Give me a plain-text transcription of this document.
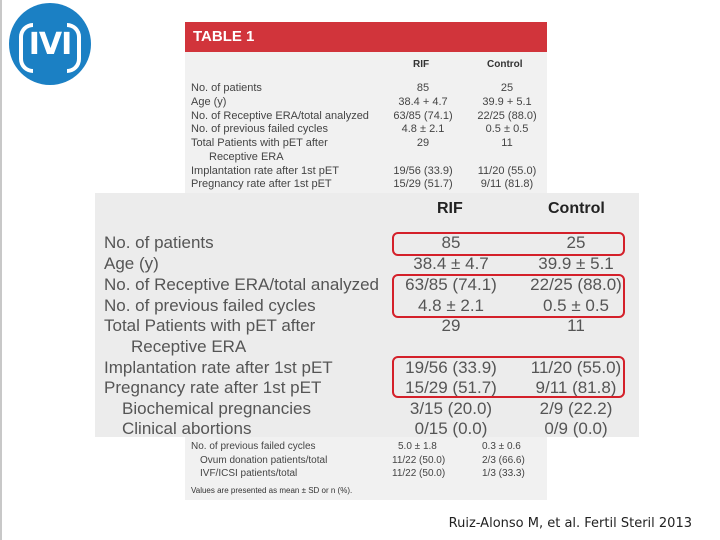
IVI	TABLE 1
RIF	Control
No. of patients	85	25
Age (y)	38.4 + 4.7	39.9 + 5.1
No. of Receptive ERA/total analyzed	63/85 (74.1)	22/25 (88.0)
No. of previous failed cycles	4.8 ± 2.1	0.5 ± 0.5
Total Patients with pET after	29	11
Receptive ERA
Implantation rate after 1st pET	19/56 (33.9)	11/20 (55.0)
Pregnancy rate after 1st pET	15/29 (51.7)	9/11 (81.8)
Values are presented as mean ± SD or n (%).
No. of previous failed cycles	5.0 ± 1.8	0.3 ± 0.6
Ovum donation patients/total	11/22 (50.0)	2/3 (66.6)
IVF/ICSI patients/total	11/22 (50.0)	1/3 (33.3)
RIF	Control
No. of patients	85	25
Age (y)	38.4 ± 4.7	39.9 ± 5.1
No. of Receptive ERA/total analyzed	63/85 (74.1)	22/25 (88.0)
No. of previous failed cycles	4.8 ± 2.1	0.5 ± 0.5
Total Patients with pET after	29	11
Receptive ERA
Implantation rate after 1st pET	19/56 (33.9)	11/20 (55.0)
Pregnancy rate after 1st pET	15/29 (51.7)	9/11 (81.8)
Biochemical pregnancies	3/15 (20.0)	2/9 (22.2)
Clinical abortions	0/15 (0.0)	0/9 (0.0)
Ruiz-Alonso M, et al. Fertil Steril 2013
